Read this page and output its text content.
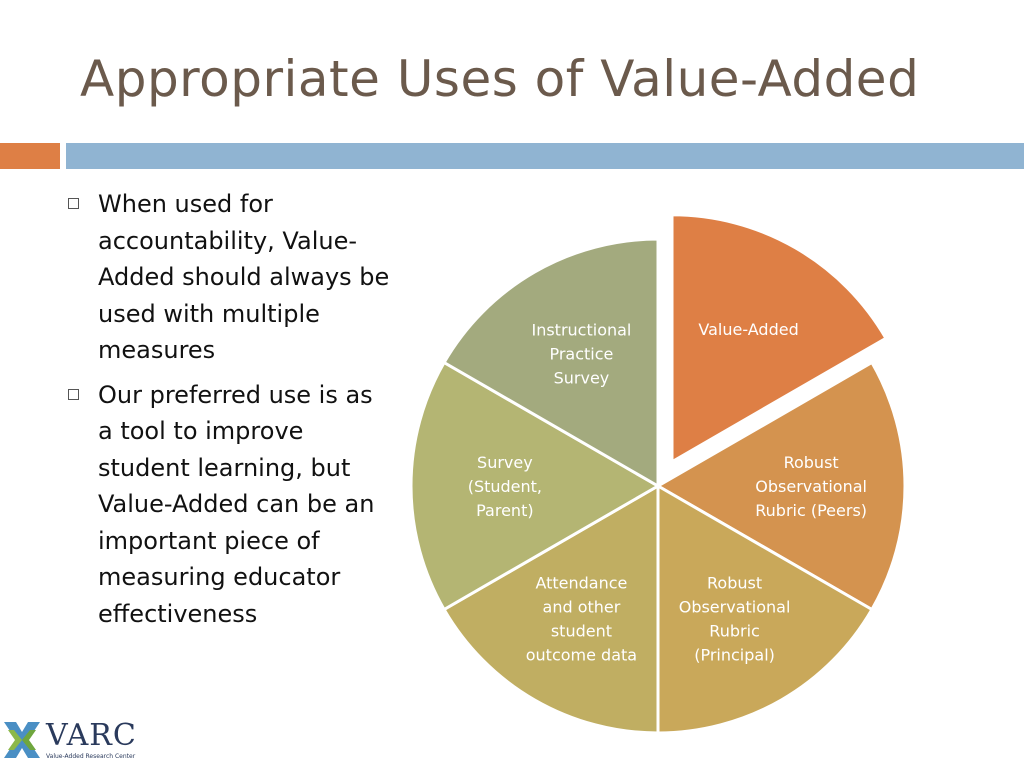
Appropriate Uses of Value-Added
When used for accountability, Value-Added should always be used with multiple measures
Our preferred use is as a tool to improve student learning, but Value-Added can be an important piece of measuring educator effectiveness
Value-Added
Robust Observational Rubric (Peers)
Robust Observational Rubric (Principal)
Attendance and other student outcome data
Survey (Student, Parent)
Instructional Practice Survey

VARC

Value-Added Research Center
